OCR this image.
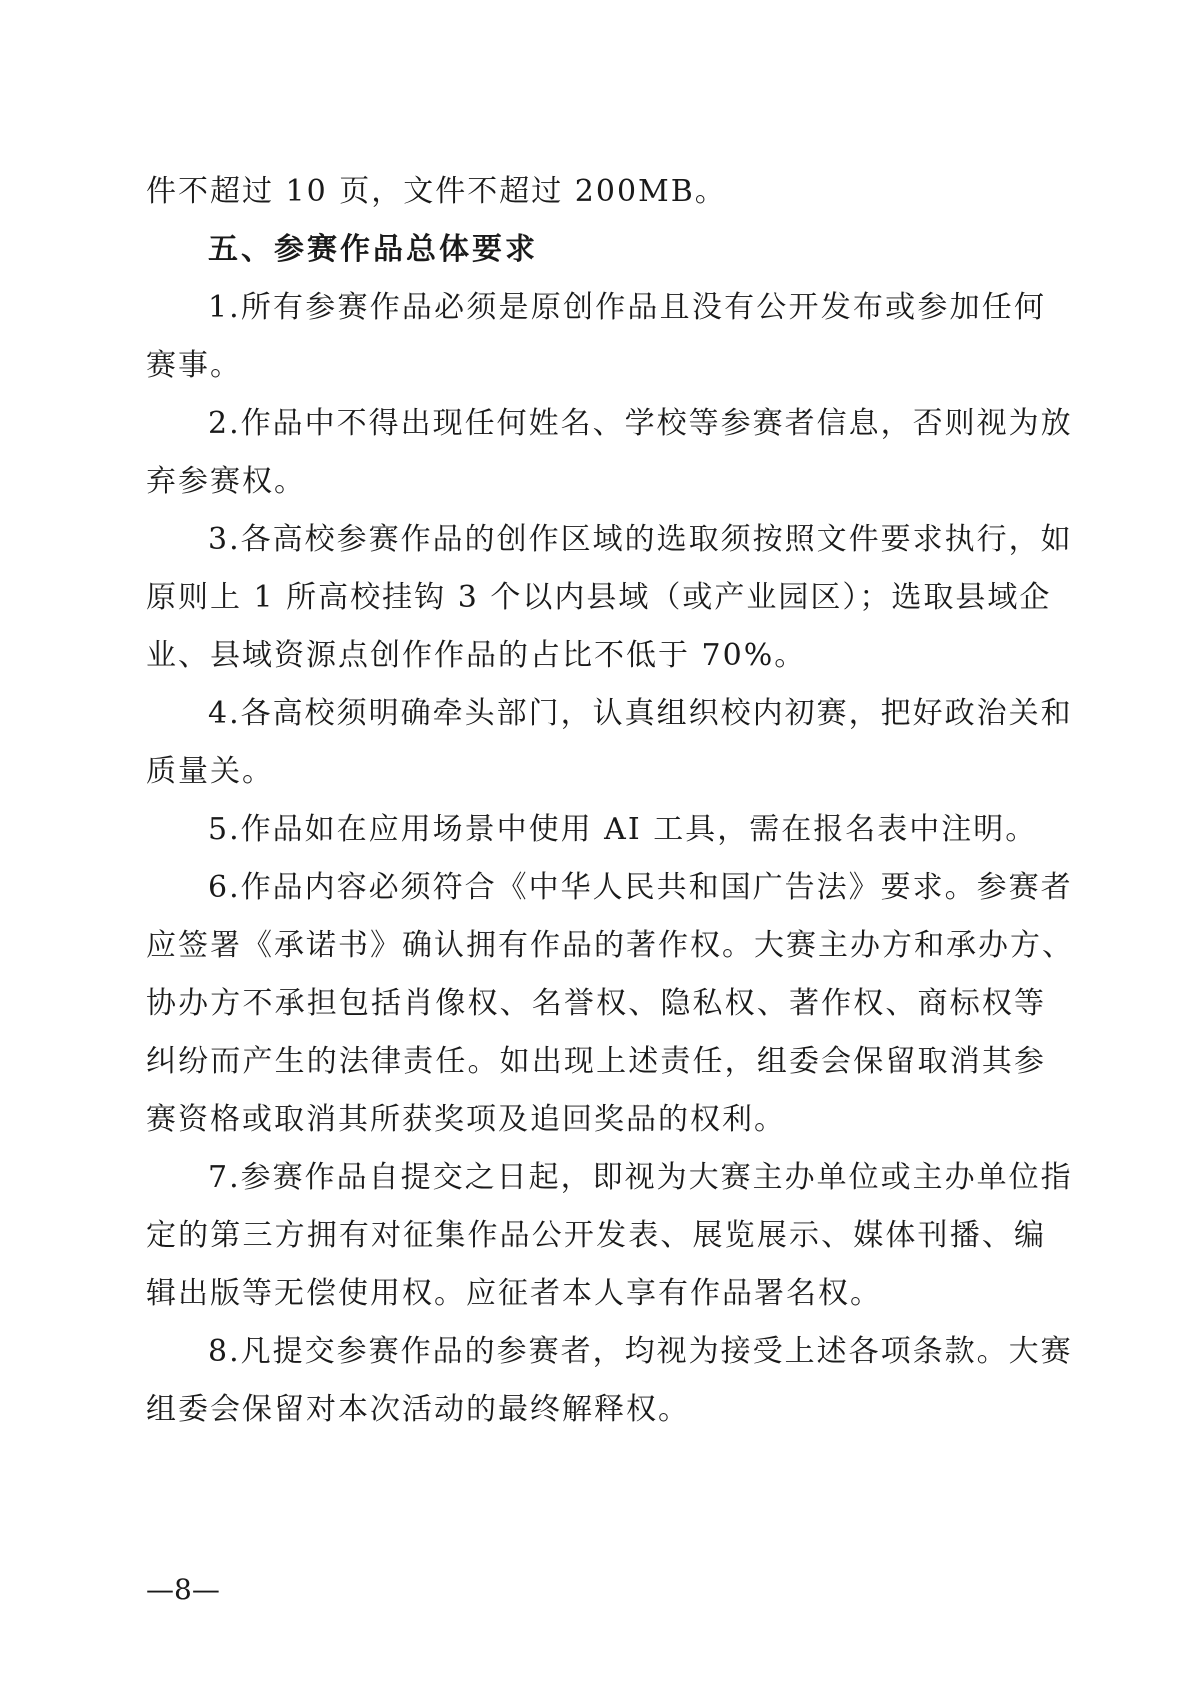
件不超过 10 页，文件不超过 200MB。
五、参赛作品总体要求
1.所有参赛作品必须是原创作品且没有公开发布或参加任何
赛事。
2.作品中不得出现任何姓名、学校等参赛者信息，否则视为放
弃参赛权。
3.各高校参赛作品的创作区域的选取须按照文件要求执行，如
原则上 1 所高校挂钩 3 个以内县域（或产业园区）；选取县域企
业、县域资源点创作作品的占比不低于 70%。
4.各高校须明确牵头部门，认真组织校内初赛，把好政治关和
质量关。
5.作品如在应用场景中使用 AI 工具，需在报名表中注明。
6.作品内容必须符合《中华人民共和国广告法》要求。参赛者
应签署《承诺书》确认拥有作品的著作权。大赛主办方和承办方、
协办方不承担包括肖像权、名誉权、隐私权、著作权、商标权等
纠纷而产生的法律责任。如出现上述责任，组委会保留取消其参
赛资格或取消其所获奖项及追回奖品的权利。
7.参赛作品自提交之日起，即视为大赛主办单位或主办单位指
定的第三方拥有对征集作品公开发表、展览展示、媒体刊播、编
辑出版等无偿使用权。应征者本人享有作品署名权。
8.凡提交参赛作品的参赛者，均视为接受上述各项条款。大赛
组委会保留对本次活动的最终解释权。
—8—
